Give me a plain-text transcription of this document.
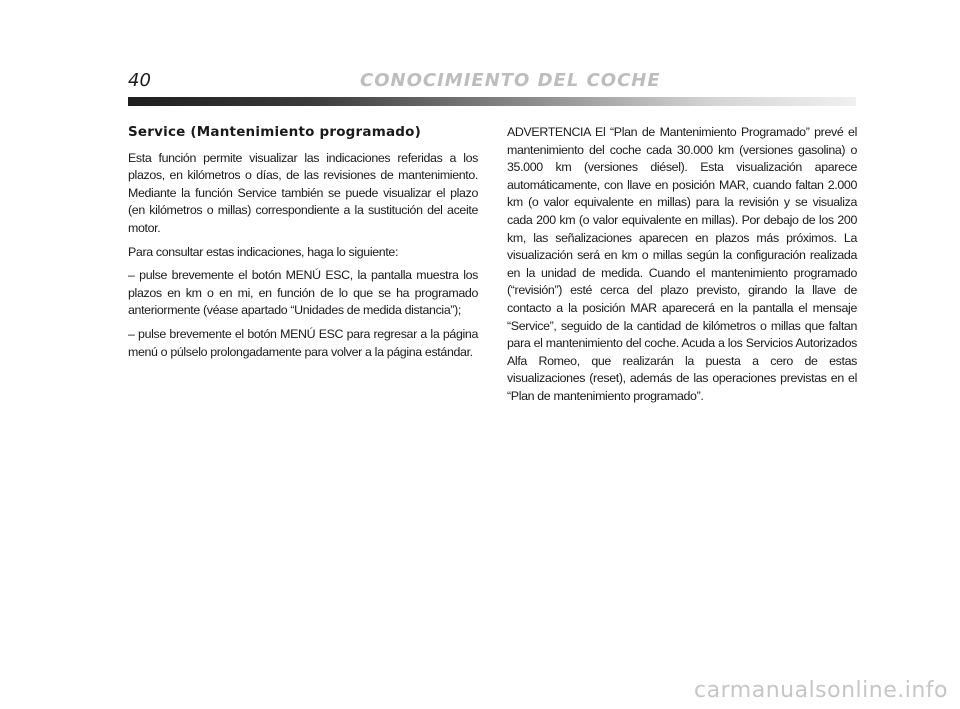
40	CONOCIMIENTO DEL COCHE
Service (Mantenimiento programado)

Esta función permite visualizar las indicaciones referidas a los plazos, en kilómetros o días, de las revisiones de mantenimiento. Mediante la función Service también se puede visualizar el plazo (en kilómetros o millas) correspondiente a la sustitución del aceite motor.

Para consultar estas indicaciones, haga lo siguiente:

– pulse brevemente el botón MENÚ ESC, la pantalla muestra los plazos en km o en mi, en función de lo que se ha programado anteriormente (véase apartado “Unidades de medida distancia”);

– pulse brevemente el botón MENÚ ESC para regresar a la página menú o púlselo prolongadamente para volver a la página estándar.

ADVERTENCIA El “Plan de Mantenimiento Programado” prevé el mantenimiento del coche cada 30.000 km (versiones gasolina) o 35.000 km (versiones diésel). Esta visualización aparece automáticamente, con llave en posición MAR, cuando faltan 2.000 km (o valor equivalente en millas) para la revisión y se visualiza cada 200 km (o valor equivalente en millas). Por debajo de los 200 km, las señalizaciones aparecen en plazos más próximos. La visualización será en km o millas según la configuración realizada en la unidad de medida. Cuando el mantenimiento programado (“revisión”) esté cerca del plazo previsto, girando la llave de contacto a la posición MAR aparecerá en la pantalla el mensaje “Service”, seguido de la cantidad de kilómetros o millas que faltan para el mantenimiento del coche. Acuda a los Servicios Autorizados Alfa Romeo, que realizarán la puesta a cero de estas visualizaciones (reset), además de las operaciones previstas en el “Plan de mantenimiento programado”.

carmanualsonline.info
